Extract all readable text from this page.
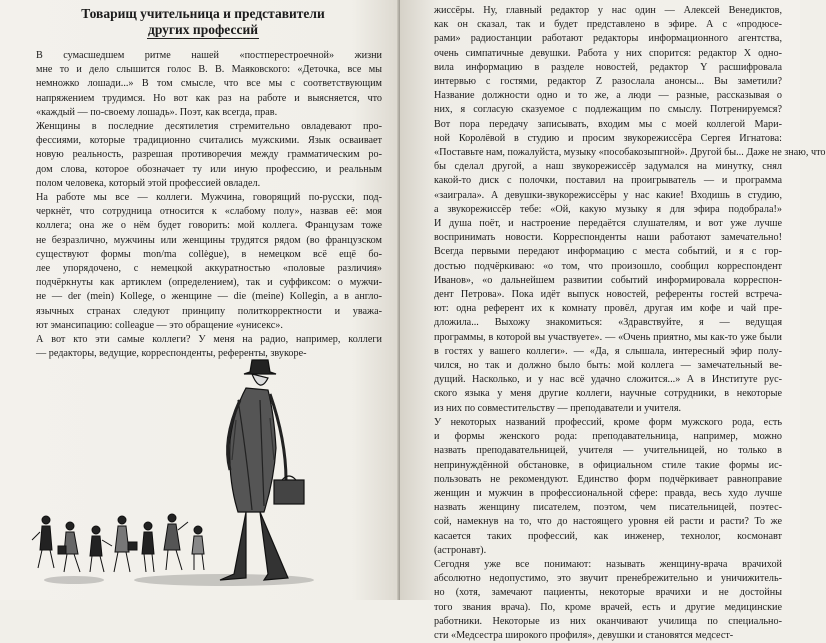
Товарищ учительница и представители
других профессий
В сумасшедшем ритме нашей «постперестроечной» жизни
мне то и дело слышится голос В. В. Маяковского: «Деточка, все мы
немножко лошади...» В том смысле, что все мы с соответствующим
напряжением трудимся. Но вот как раз на работе и выясняется, что
«каждый — по-своему лошадь». Поэт, как всегда, прав.
Женщины в последние десятилетия стремительно овладевают про-
фессиями, которые традиционно считались мужскими. Язык осваивает
новую реальность, разрешая противоречия между грамматическим ро-
дом слова, которое обозначает ту или иную профессию, и реальным
полом человека, который этой профессией овладел.
На работе мы все — коллеги. Мужчина, говорящий по-русски, под-
черкнёт, что сотрудница относится к «слабому полу», назвав её: моя
коллега; она же о нём будет говорить: мой коллега. Французам тоже
не безразлично, мужчины или женщины трудятся рядом (во французском
существуют формы mon/ma collègue), в немецком всё ещё бо-
лее упорядочено, с немецкой аккуратностью «половые различия»
подчёркнуты как артиклем (определением), так и суффиксом: о мужчи-
не — der (mein) Kollege, о женщине — die (meine) Kollegin, а в англо-
язычных странах следуют принципу политкорректности и уважа-
ют эмансипацию: colleague — это обращение «унисекс».
А вот кто эти самые коллеги? У меня на радио, например, коллеги
— редакторы, ведущие, корреспонденты, референты, звукоре-
жиссёры. Ну, главный редактор у нас один — Алексей Венедиктов,
как он сказал, так и будет представлено в эфире. А с «продюсе-
рами» радиостанции работают редакторы информационного агентства,
очень симпатичные девушки. Работа у них спорится: редактор X одно-
вила информацию в разделе новостей, редактор Y расшифровала
интервью с гостями, редактор Z разослала анонсы... Вы заметили?
Название должности одно и то же, а люди — разные, рассказывая о
них, я согласую сказуемое с подлежащим по смыслу. Потренируемся?
Вот пора передачу записывать, входим мы с моей коллегой Мари-
ной Королёвой в студию и просим звукорежиссёра Сергея Игнатова:
«Поставьте нам, пожалуйста, музыку «пособакозыпгной». Другой бы... Даже не знаю, что
бы сделал другой, а наш звукорежиссёр задумался на минутку, снял
какой-то диск с полочки, поставил на проигрыватель — и программа
«заиграла». А девушки-звукорежиссёры у нас какие! Входишь в студию,
а звукорежиссёр тебе: «Ой, какую музыку я для эфира подобрала!»
И душа поёт, и настроение передаётся слушателям, и вот уже лучше
воспринимать новости. Корреспонденты наши работают замечательно!
Всегда первыми передают информацию с места событий, и я с гор-
достью подчёркиваю: «о том, что произошло, сообщил корреспондент
Иванов», «о дальнейшем развитии событий информировала корреспон-
дент Петрова». Пока идёт выпуск новостей, референты гостей встреча-
ют: одна референт их к комнату провёл, другая им кофе и чай пре-
дложила... Выхожу знакомиться: «Здравствуйте, я — ведущая
программы, в которой вы участвуете». — «Очень приятно, мы как-то уже были
в гостях у вашего коллеги». — «Да, я слышала, интересный эфир полу-
чился, но так и должно было быть: мой коллега — замечательный ве-
дущий. Насколько, и у нас всё удачно сложится...» А в Институте рус-
ского языка у меня другие коллеги, научные сотрудники, в некоторые
из них по совместительству — преподаватели и учителя.
У некоторых названий профессий, кроме форм мужского рода, есть
и формы женского рода: преподавательница, например, можно
назвать преподавательницей, учителя — учительницей, но только в
непринуждённой обстановке, в официальном стиле такие формы ис-
пользовать не рекомендуют. Единство форм подчёркивает равноправие
женщин и мужчин в профессиональной сфере: правда, весь худо лучше
назвать женщину писателем, поэтом, чем писательницей, поэтес-
сой, намекнув на то, что до настоящего уровня ей расти и расти? То же
касается таких профессий, как инженер, технолог, космонавт
(астронавт).
Сегодня уже все понимают: называть женщину-врача врачихой
абсолютно недопустимо, это звучит пренебрежительно и уничижитель-
но (хотя, замечают пациенты, некоторые врачихи и не достойны
того звания врача). По, кроме врачей, есть и другие медицинские
работники. Некоторые из них оканчивают училища по специально-
сти «Медсестра широкого профиля», девушки и становятся медсест-
